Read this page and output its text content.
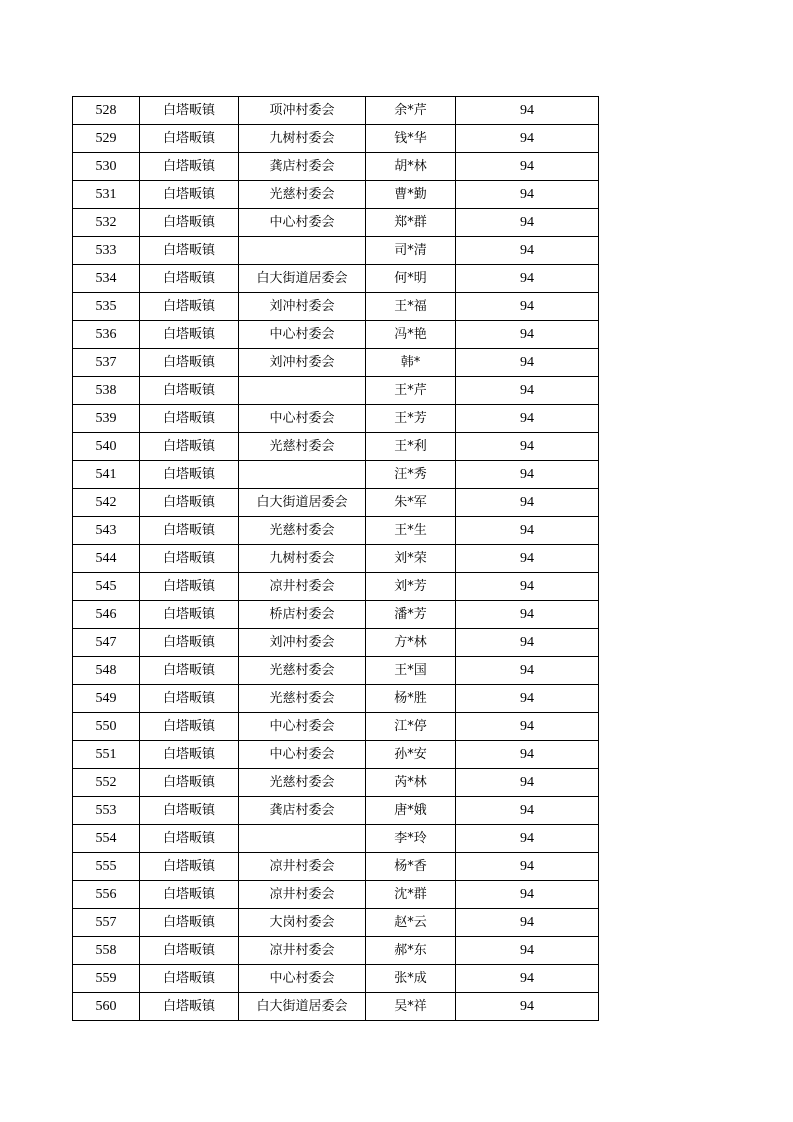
528	白塔畈镇	项冲村委会	余*芹	94
529	白塔畈镇	九树村委会	钱*华	94
530	白塔畈镇	龚店村委会	胡*林	94
531	白塔畈镇	光慈村委会	曹*勤	94
532	白塔畈镇	中心村委会	郑*群	94
533	白塔畈镇		司*清	94
534	白塔畈镇	白大街道居委会	何*明	94
535	白塔畈镇	刘冲村委会	王*福	94
536	白塔畈镇	中心村委会	冯*艳	94
537	白塔畈镇	刘冲村委会	韩*	94
538	白塔畈镇		王*芹	94
539	白塔畈镇	中心村委会	王*芳	94
540	白塔畈镇	光慈村委会	王*利	94
541	白塔畈镇		汪*秀	94
542	白塔畈镇	白大街道居委会	朱*军	94
543	白塔畈镇	光慈村委会	王*生	94
544	白塔畈镇	九树村委会	刘*荣	94
545	白塔畈镇	凉井村委会	刘*芳	94
546	白塔畈镇	桥店村委会	潘*芳	94
547	白塔畈镇	刘冲村委会	方*林	94
548	白塔畈镇	光慈村委会	王*国	94
549	白塔畈镇	光慈村委会	杨*胜	94
550	白塔畈镇	中心村委会	江*停	94
551	白塔畈镇	中心村委会	孙*安	94
552	白塔畈镇	光慈村委会	芮*林	94
553	白塔畈镇	龚店村委会	唐*娥	94
554	白塔畈镇		李*玲	94
555	白塔畈镇	凉井村委会	杨*香	94
556	白塔畈镇	凉井村委会	沈*群	94
557	白塔畈镇	大岗村委会	赵*云	94
558	白塔畈镇	凉井村委会	郝*东	94
559	白塔畈镇	中心村委会	张*成	94
560	白塔畈镇	白大街道居委会	吴*祥	94
